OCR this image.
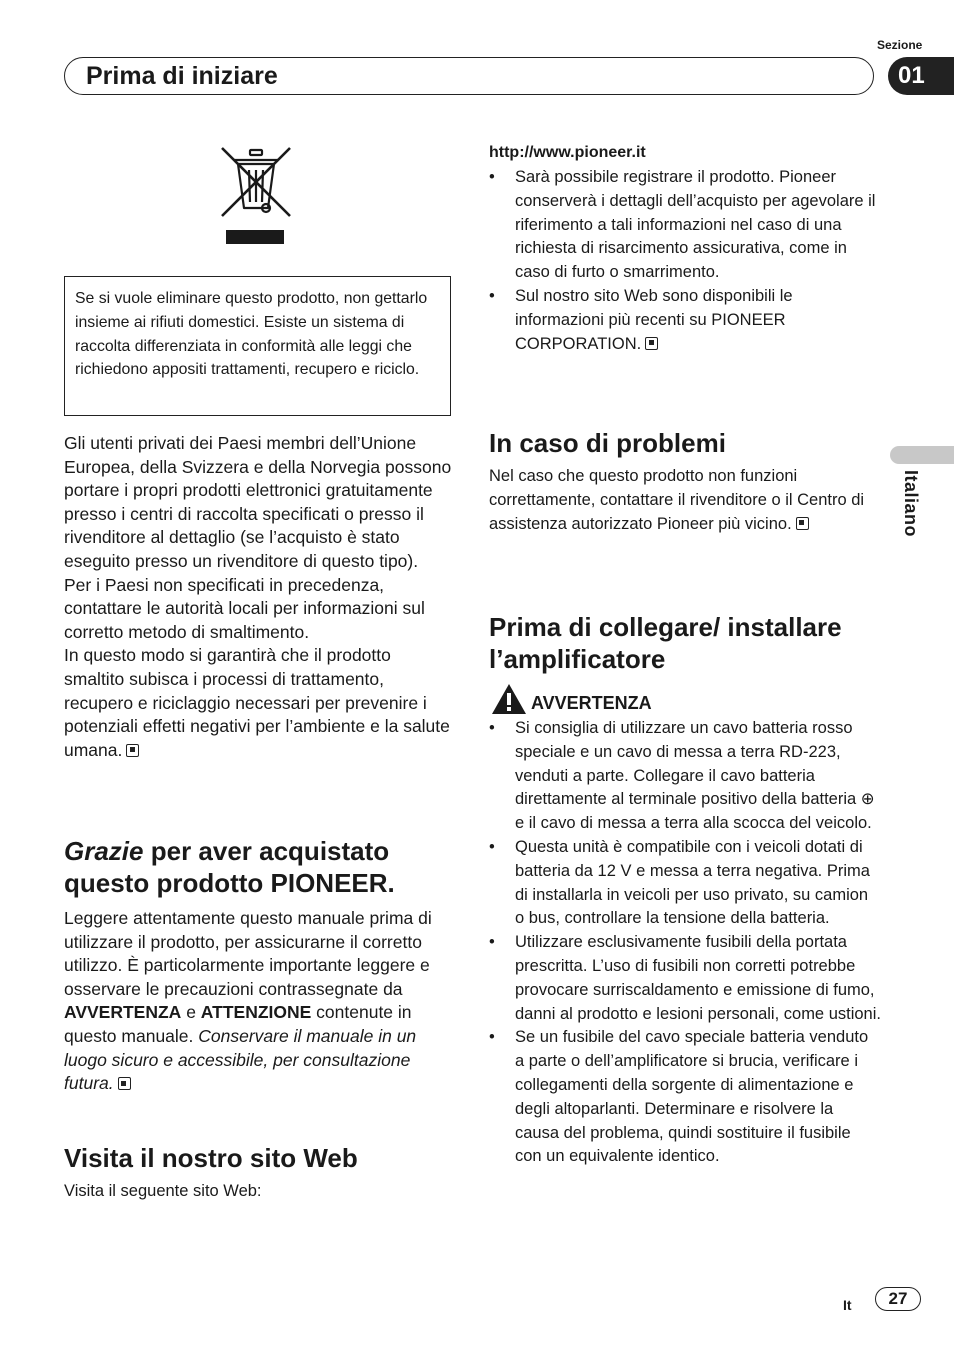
Prima di iniziare
Sezione
01
Italiano
Se si vuole eliminare questo prodotto, non gettarlo insieme ai rifiuti domestici. Esiste un sistema di raccolta differenziata in conformità alle leggi che richiedono appositi trattamenti, recupero e riciclo.

Gli utenti privati dei Paesi membri dell’Unione Europea, della Svizzera e della Norvegia possono portare i propri prodotti elettronici gratuitamente presso i centri di raccolta specificati o presso il rivenditore al dettaglio (se l’acquisto è stato eseguito presso un rivenditore di questo tipo).

Per i Paesi non specificati in precedenza, contattare le autorità locali per informazioni sul corretto metodo di smaltimento.

In questo modo si garantirà che il prodotto smaltito subisca i processi di trattamento, recupero e riciclaggio necessari per prevenire i potenziali effetti negativi per l’ambiente e la salute umana.

Grazie per aver acquistato questo prodotto PIONEER.

Leggere attentamente questo manuale prima di utilizzare il prodotto, per assicurarne il corretto utilizzo. È particolarmente importante leggere e osservare le precauzioni contrassegnate da AVVERTENZA e ATTENZIONE contenute in questo manuale. Conservare il manuale in un luogo sicuro e accessibile, per consultazione futura.

Visita il nostro sito Web

Visita il seguente sito Web:

http://www.pioneer.it
• Sarà possibile registrare il prodotto. Pioneer conserverà i dettagli dell’acquisto per agevolare il riferimento a tali informazioni nel caso di una richiesta di risarcimento assicurativa, come in caso di furto o smarrimento.
• Sul nostro sito Web sono disponibili le informazioni più recenti su PIONEER CORPORATION.
In caso di problemi

Nel caso che questo prodotto non funzioni correttamente, contattare il rivenditore o il Centro di assistenza autorizzato Pioneer più vicino.

Prima di collegare/ installare l’amplificatore
AVVERTENZA
• Si consiglia di utilizzare un cavo batteria rosso speciale e un cavo di messa a terra RD-223, venduti a parte. Collegare il cavo batteria direttamente al terminale positivo della batteria ⊕ e il cavo di messa a terra alla scocca del veicolo.
• Questa unità è compatibile con i veicoli dotati di batteria da 12 V e messa a terra negativa. Prima di installarla in veicoli per uso privato, su camion o bus, controllare la tensione della batteria.
• Utilizzare esclusivamente fusibili della portata prescritta. L’uso di fusibili non corretti potrebbe provocare surriscaldamento e emissione di fumo, danni al prodotto e lesioni personali, come ustioni.
• Se un fusibile del cavo speciale batteria venduto a parte o dell’amplificatore si brucia, verificare i collegamenti della sorgente di alimentazione e degli altoparlanti. Determinare e risolvere la causa del problema, quindi sostituire il fusibile con un equivalente identico.
It	27
